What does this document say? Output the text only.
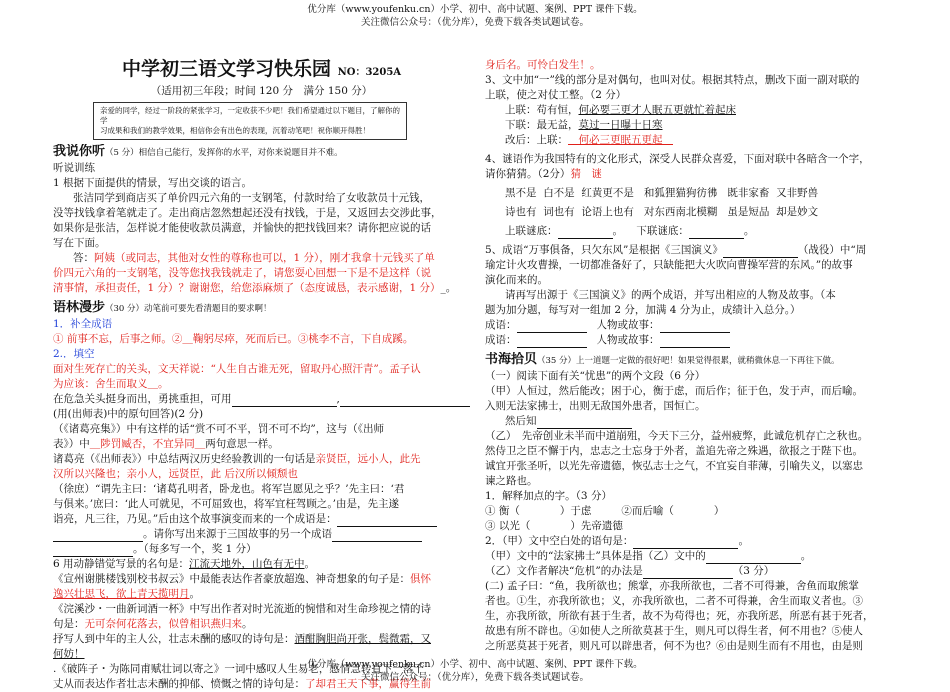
优分库（www.youfenku.cn）小学、初中、高中试题、案例、PPT 课件下载。
关注微信公众号：（优分库），免费下载各类试题试卷。
中学初三语文学习快乐园 NO：3205A
（适用初三年段；时间 120 分　满分 150 分）
亲爱的同学，经过一阶段的紧张学习，一定收获不少吧！我们希望通过以下题目，了解你的学
习成果和我们的教学效果，相信你会有出色的表现，沉着动笔吧！祝你顺开得胜！
我说你听（5 分）相信自己能行，发挥你的水平，对你来说题目并不难。
听说训练
1 根据下面提供的情景，写出交谈的语言。
张洁同学到商店买了单价四元六角的一支钢笔，付款时给了女收款员十元钱，
没等找钱拿着笔就走了。走出商店忽然想起还没有找钱，于是，又返回去交涉此事，
如果你是张洁，怎样说才能使收款员满意，并愉快的把找钱回来？请你把应说的话
写在下面。
答：阿姨（或同志，其他对女性的尊称也可以，1 分），刚才我拿十元钱买了单
价四元六角的一支钢笔，没等您找我钱就走了，请您耍心回想一下是不是这样（说
清事情，承担责任，1 分）？谢谢您，给您添麻烦了（态度诚恳，表示感谢，1 分）_。
语林漫步（30 分）动笔前可要先看清题目的要求啊！
1．补全成语
① 前事不忘，后事之师。②＿鞠躬尽瘁，死而后已。③桃李不言，下自成蹊。
2.．填空
面对生死存亡的关头，文天祥说：“人生自古谁无死，留取丹心照汗青”。孟子认
为应该：舍生而取义＿。
在危急关头挺身而出，勇挑重担，可用	,
(用(出师表)中的原句回答)(2 分)
（《诸葛亮集》）中有这样的话“赏不可不平，罚不可不均”，这与（《出师
表》）中＿陟罚臧否，不宜异同＿两句意思一样。
诸葛亮（《出师表》）中总结两汉历史经验教训的一句话是亲贤臣，远小人，此先
汉所以兴隆也；亲小人，远贤臣，此 后汉所以倾颓也
（徐庶）“谓先主曰：‘诸葛孔明者，卧龙也。将军岂愿见之乎？’先主曰：‘君
与俱来。’庶曰：‘此人可就见，不可屈致也，将军宜枉驾顾之。’由是，先主遂
诣亮，凡三往，乃见。”后由这个故事演变而来的一个成语是：
。请你写出来源于三国故事的另一个成语
。（每多写一个，奖 1 分）
6 用动静错觉写景的名句是：江流天地外，山色有无中。
《宣州谢朓楼饯别校书叔云》中最能表达作者豪放超逸、神奇想象的句子是：俱怀
逸兴壮思飞，欲上青天揽明月。
《浣溪沙・一曲新词酒一杯》中写出作者对时光流逝的惋惜和对生命珍视之情的诗
句是：无可奈何花落去，似曾相识燕归来。
抒写人到中年的主人公，壮志未酬的感叹的诗句是：酒酣胸胆尚开张，鬓微霜，又
何妨！
.《破阵子・为陈同甫赋壮词以寄之》一词中感叹人生易老，感情急转直下一落千
丈从而表达作者壮志未酬的抑郁、愤慨之情的诗句是：了却君王天下事，赢得生前
身后名。可怜白发生！。
3、文中加“一”线的部分是对偶句，也叫对仗。根据其特点，删改下面一副对联的
上联，使之对仗工整。（2 分）
上联：苟有恒，何必要三更才人眠五更就忙着起床
下联：最无益，莫过一日曝十日寒
改后：上联：＿何必三更眠五更起＿
4、谜语作为我国特有的文化形式，深受人民群众喜爱，下面对联中各暗含一个字，
请你猜猜。（2分）猜　谜
黑不是 白不是 红黄更不是 和狐狸猫狗彷彿 既非家畜 又非野兽
诗也有 词也有 论语上也有 对东西南北模糊 虽是短品 却是妙文
上联谜底：	。    下联谜底：	。
5、成语“万事俱备，只欠东风”是根据《三国演义》	（战役）中“周
瑜定计火攻曹操，一切都准备好了，只缺能把大火吹向曹操军营的东风。”的故事
演化而来的。
请再写出源于《三国演义》的两个成语，并写出相应的人物及故事。（本
题为加分题，每写对一组加 2 分，加满 4 分为止，成绩计入总分。）
成语：	人物或故事：
成语：	人物或故事：
书海拾贝（35 分）上一道题一定做的很好吧！如果觉得很累，就稍微休息一下再往下做。
（一）阅读下面有关“忧患”的两个文段（6 分）
（甲）人恒过，然后能改；困于心，衡于虑，而后作；征于色，发于声，而后喻。
入则无法家拂士，出则无敌国外患者，国恒亡。
然后知
（乙）　先帝创业未半而中道崩殂，今天下三分，益州疲弊，此诚危机存亡之秋也。
然侍卫之臣不懈于内，忠志之士忘身于外者，盖追先帝之殊遇，欲报之于陛下也。
诚宜开张圣听，以光先帝遗德，恢弘志士之气，不宜妄自菲薄，引喻失义，以塞忠
谏之路也。
1．解释加点的字。（3 分）
① 衡（	）于虑	②而后喻（	）
③ 以光（	）先帝遗德
2．（甲）文中空白处的语句是：	。
（甲）文中的“法家拂士”具体是指（乙）文中的	。
（乙）文作者解决“危机”的办法是	（3 分）
(二) 孟子曰：“鱼，我所欲也；熊掌，亦我所欲也，二者不可得兼，舍鱼而取熊掌
者也。①生，亦我所欲也；义，亦我所欲也，二者不可得兼，舍生而取义者也。③
生，亦我所欲，所欲有甚于生者，故不为苟得也；死，亦我所恶，所恶有甚于死者，
故患有所不辟也。④如使人之所欲莫甚于生，则凡可以得生者，何不用也？⑤使人
之所恶莫甚于死者，则凡可以辟患者，何不为也？⑥由是则生而有不用也，由是则
优分库（www.youfenku.cn）小学、初中、高中试题、案例、PPT 课件下载。
关注微信公众号：（优分库），免费下载各类试题试卷。
